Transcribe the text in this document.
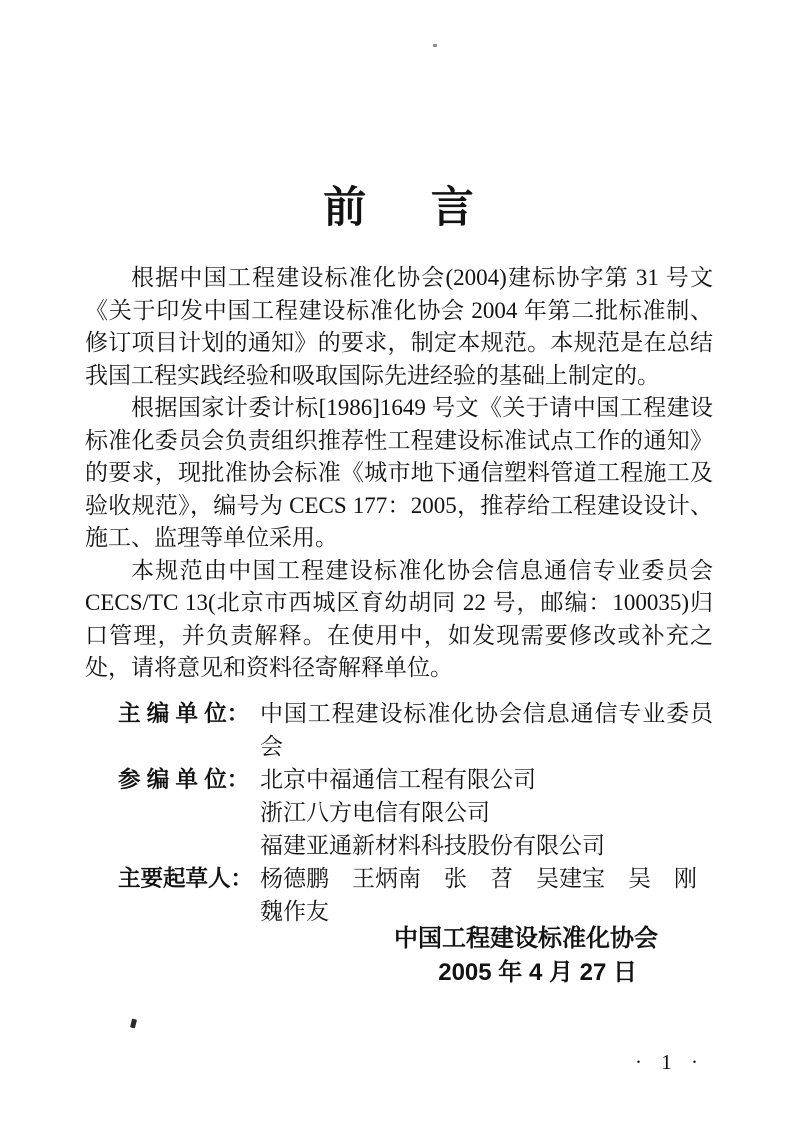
前言

根据中国工程建设标准化协会(2004)建标协字第 31 号文《关于印发中国工程建设标准化协会 2004 年第二批标准制、修订项目计划的通知》的要求，制定本规范。本规范是在总结我国工程实践经验和吸取国际先进经验的基础上制定的。

根据国家计委计标[1986]1649 号文《关于请中国工程建设标准化委员会负责组织推荐性工程建设标准试点工作的通知》的要求，现批准协会标准《城市地下通信塑料管道工程施工及验收规范》，编号为 CECS 177：2005，推荐给工程建设设计、施工、监理等单位采用。

本规范由中国工程建设标准化协会信息通信专业委员会CECS/TC 13(北京市西城区育幼胡同 22 号，邮编：100035)归口管理，并负责解释。在使用中，如发现需要修改或补充之处，请将意见和资料径寄解释单位。

主 编 单 位： 中国工程建设标准化协会信息通信专业委员会
参 编 单 位： 北京中福通信工程有限公司
浙江八方电信有限公司
福建亚通新材料科技股份有限公司
主要起草人： 杨德鹏　王炳南　张　苕　吴建宝　吴　刚
魏作友
中国工程建设标准化协会
2005 年 4 月 27 日
· 1 ·
